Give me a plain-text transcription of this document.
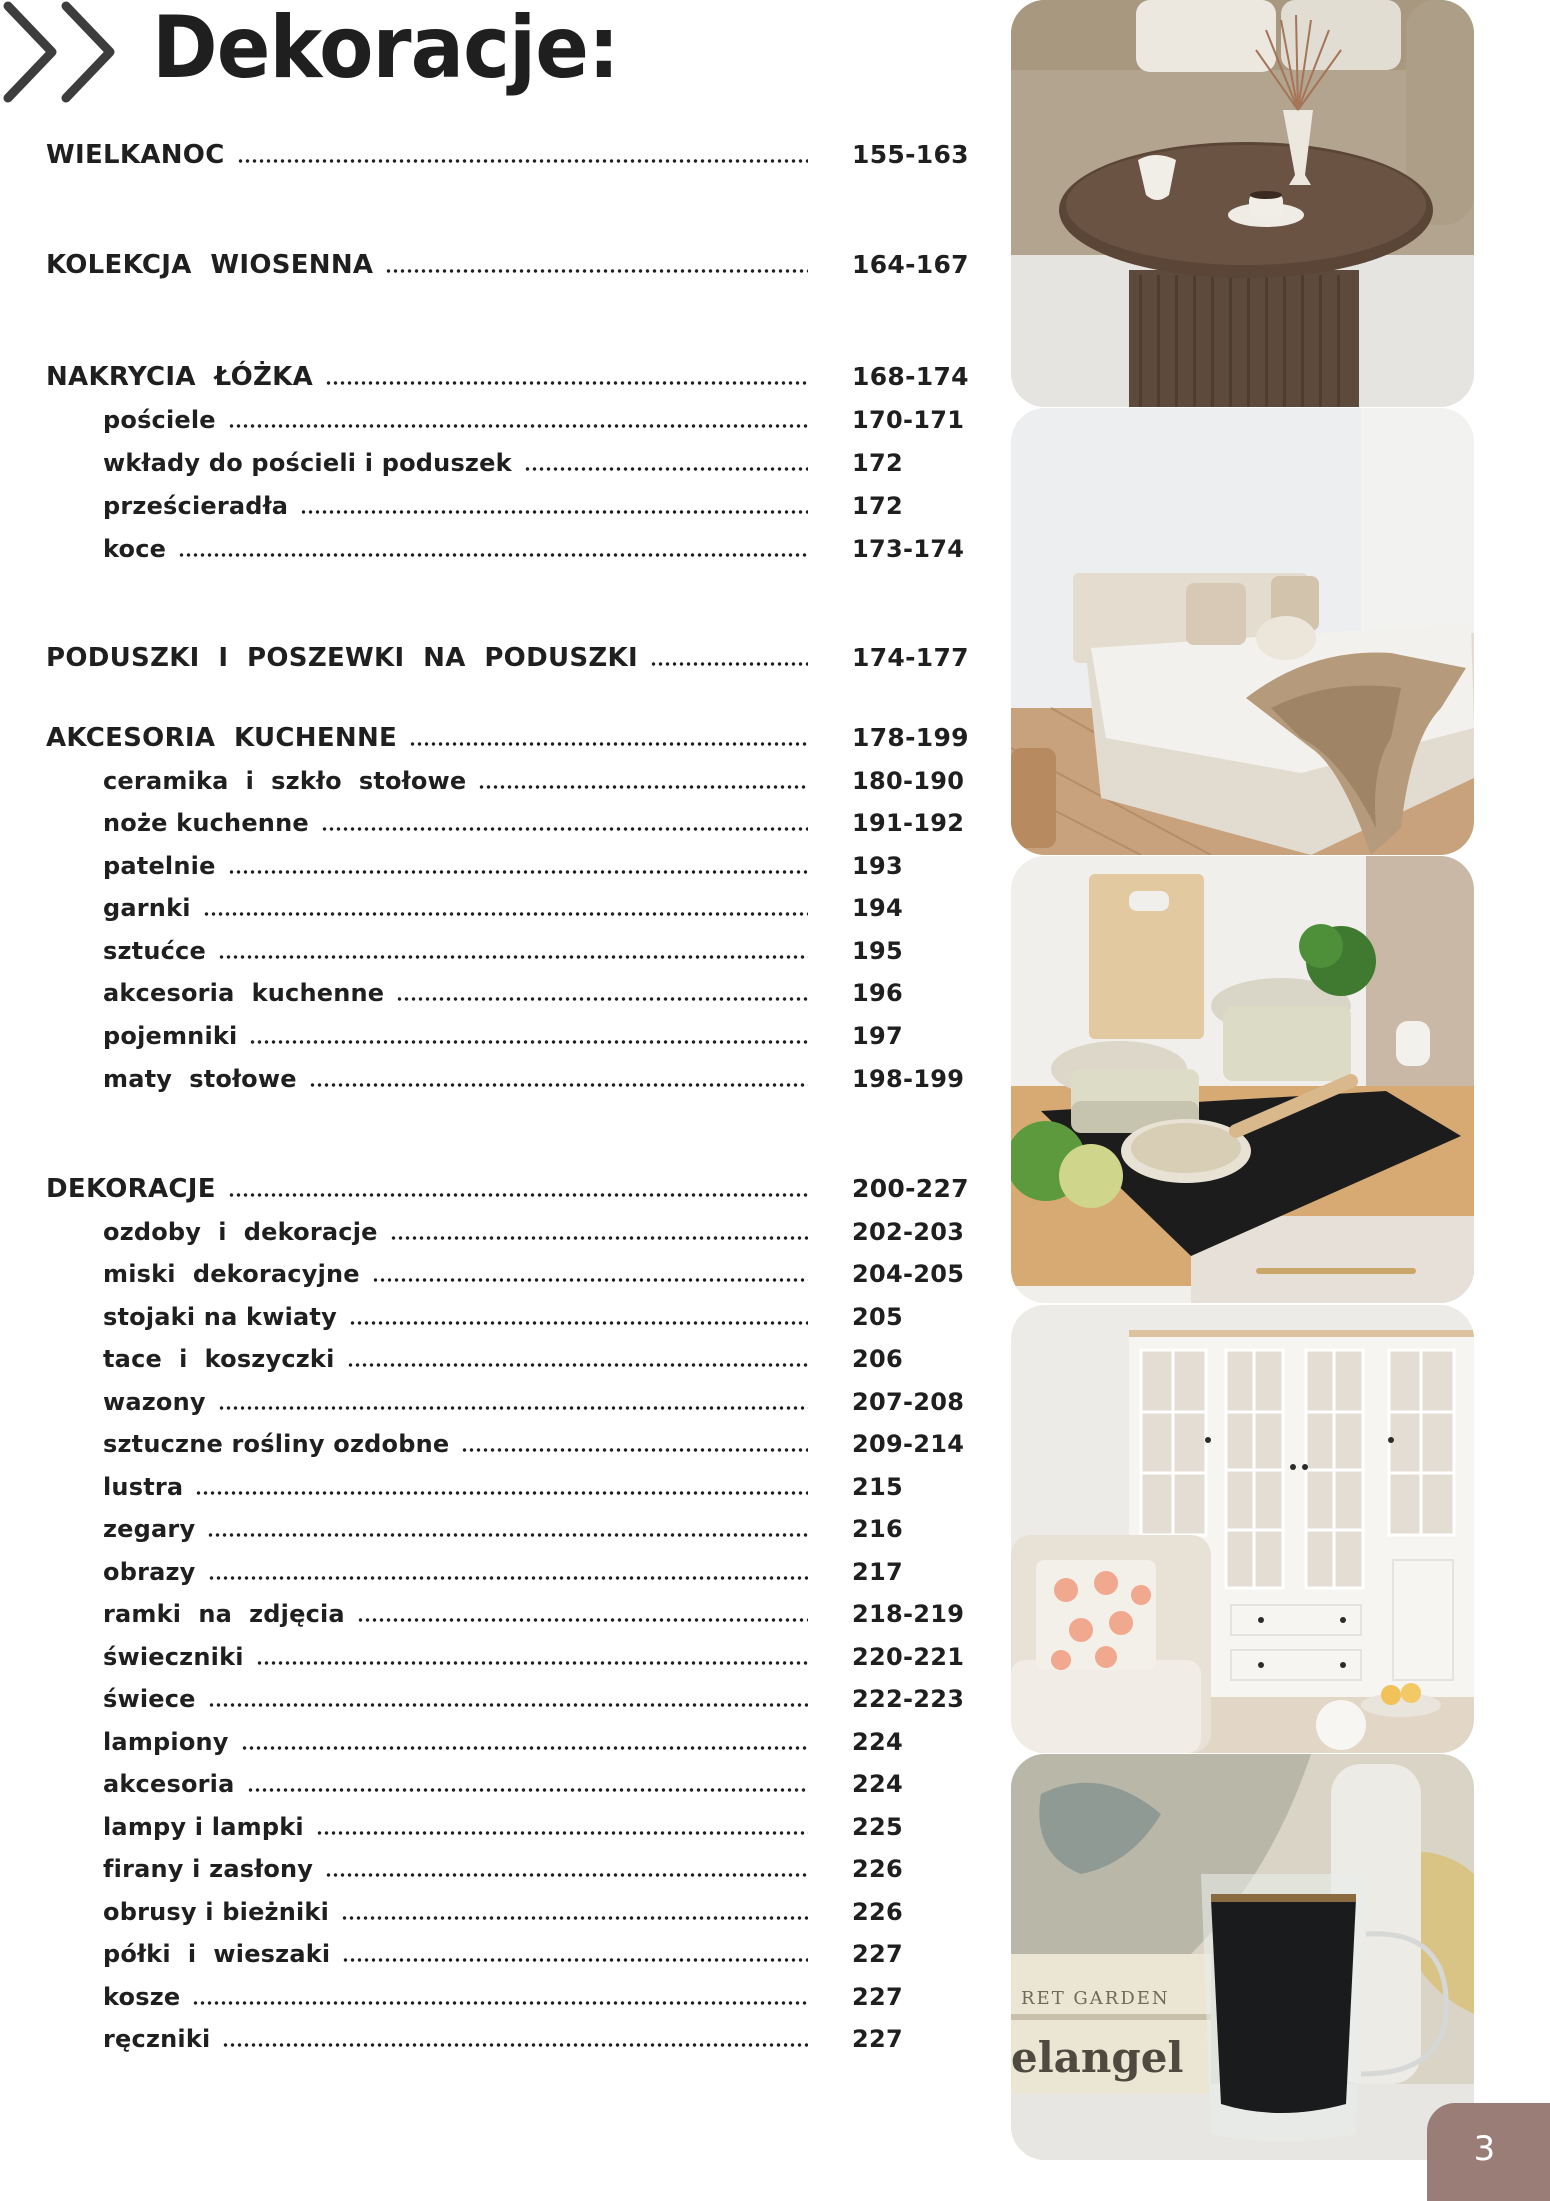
Dekoracje:
WIELKANOC	155-163
KOLEKCJA  WIOSENNA	164-167
NAKRYCIA  ŁÓŻKA	168-174
pościele	170-171
wkłady do pościeli i poduszek	172
prześcieradła	172
koce	173-174
PODUSZKI  I  POSZEWKI  NA  PODUSZKI	174-177
AKCESORIA  KUCHENNE	178-199
ceramika  i  szkło  stołowe	180-190
noże kuchenne	191-192
patelnie	193
garnki	194
sztućce	195
akcesoria  kuchenne	196
pojemniki	197
maty  stołowe	198-199
DEKORACJE	200-227
ozdoby  i  dekoracje	202-203
miski  dekoracyjne	204-205
stojaki na kwiaty	205
tace  i  koszyczki	206
wazony	207-208
sztuczne rośliny ozdobne	209-214
lustra	215
zegary	216
obrazy	217
ramki  na  zdjęcia	218-219
świeczniki	220-221
świece	222-223
lampiony	224
akcesoria	224
lampy i lampki	225
firany i zasłony	226
obrusy i bieżniki	226
półki  i  wieszaki	227
kosze	227
ręczniki	227
RET GARDEN
elangel
3
